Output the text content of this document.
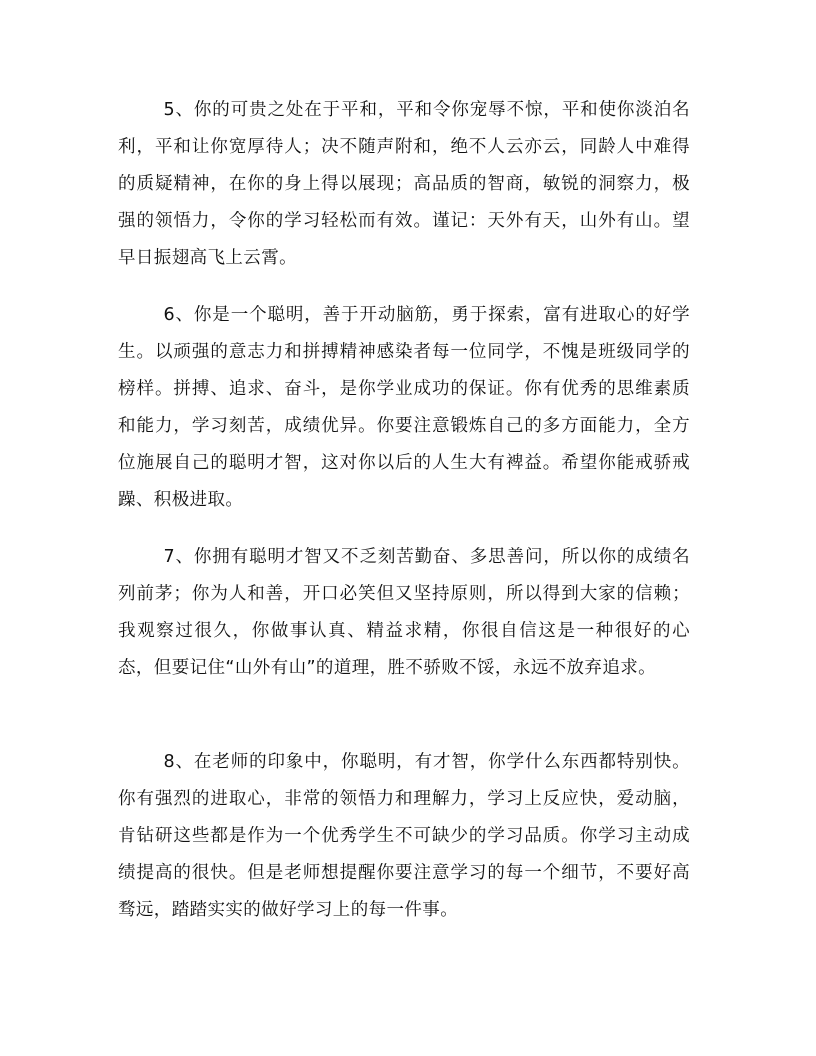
5、你的可贵之处在于平和，平和令你宠辱不惊，平和使你淡泊名利，平和让你宽厚待人；决不随声附和，绝不人云亦云，同龄人中难得的质疑精神，在你的身上得以展现；高品质的智商，敏锐的洞察力，极强的领悟力，令你的学习轻松而有效。谨记：天外有天，山外有山。望早日振翅高飞上云霄。

6、你是一个聪明，善于开动脑筋，勇于探索，富有进取心的好学生。以顽强的意志力和拼搏精神感染者每一位同学，不愧是班级同学的榜样。拼搏、追求、奋斗，是你学业成功的保证。你有优秀的思维素质和能力，学习刻苦，成绩优异。你要注意锻炼自己的多方面能力，全方位施展自己的聪明才智，这对你以后的人生大有裨益。希望你能戒骄戒躁、积极进取。

7、你拥有聪明才智又不乏刻苦勤奋、多思善问，所以你的成绩名列前茅；你为人和善，开口必笑但又坚持原则，所以得到大家的信赖；我观察过很久，你做事认真、精益求精，你很自信这是一种很好的心态，但要记住“山外有山”的道理，胜不骄败不馁，永远不放弃追求。

8、在老师的印象中，你聪明，有才智，你学什么东西都特别快。你有强烈的进取心，非常的领悟力和理解力，学习上反应快，爱动脑，肯钻研这些都是作为一个优秀学生不可缺少的学习品质。你学习主动成绩提高的很快。但是老师想提醒你要注意学习的每一个细节，不要好高骛远，踏踏实实的做好学习上的每一件事。
